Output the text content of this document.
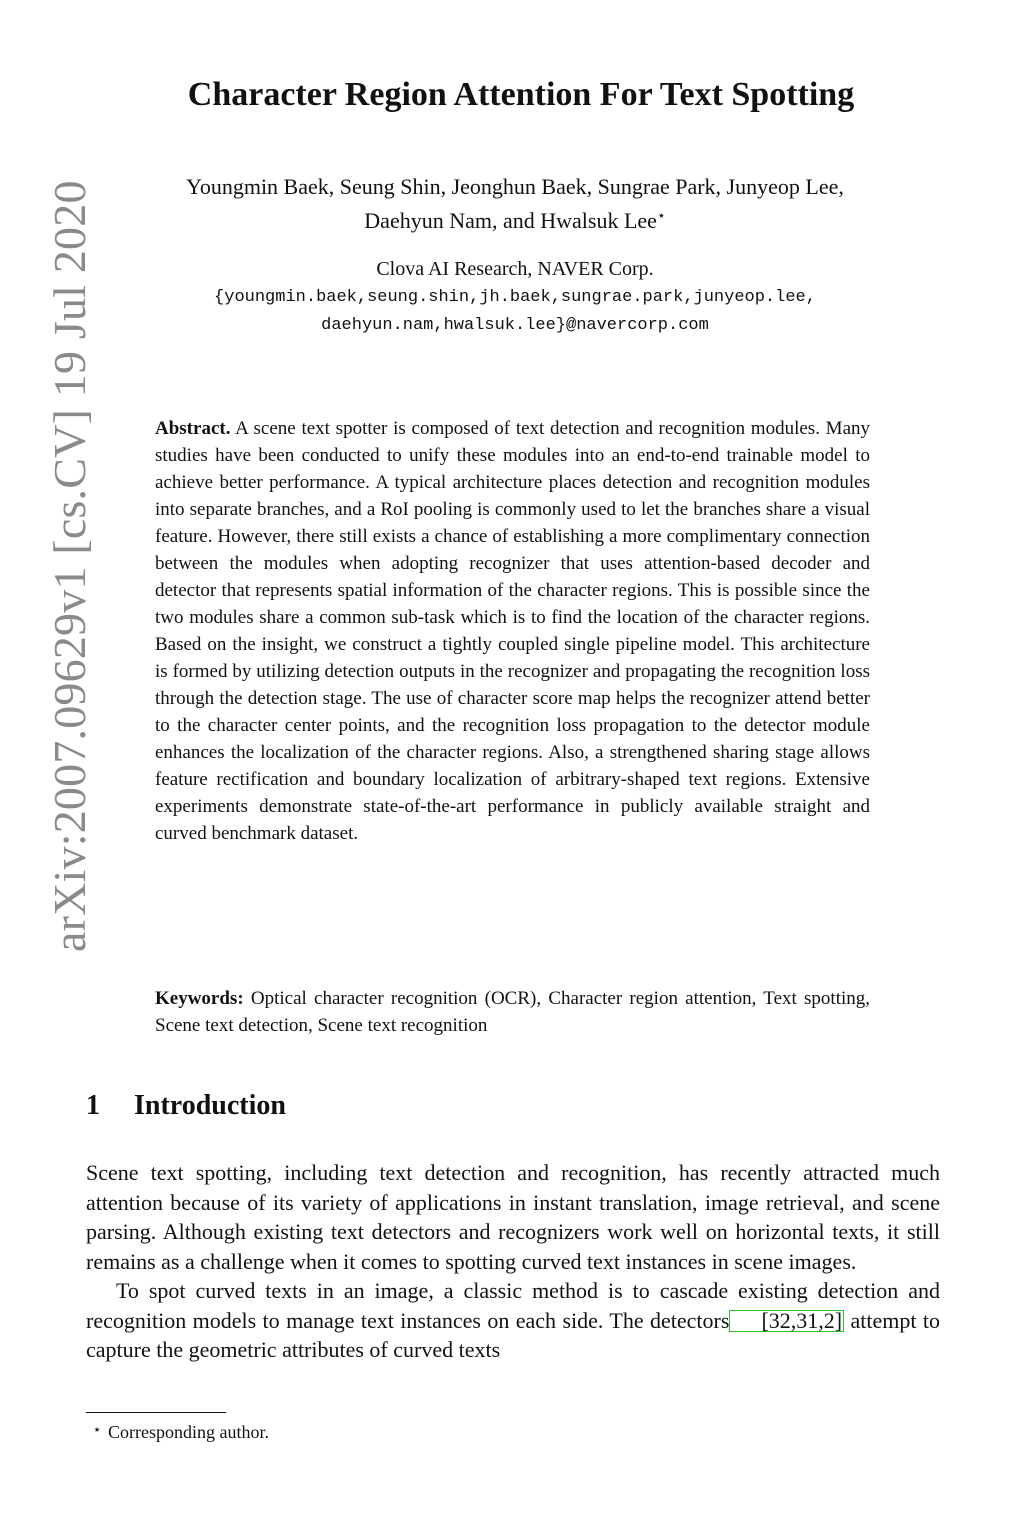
arXiv:2007.09629v1 [cs.CV] 19 Jul 2020
Character Region Attention For Text Spotting
Youngmin Baek, Seung Shin, Jeonghun Baek, Sungrae Park, Junyeop Lee,
Daehyun Nam, and Hwalsuk Lee⋆
Clova AI Research, NAVER Corp.
{youngmin.baek,seung.shin,jh.baek,sungrae.park,junyeop.lee,
daehyun.nam,hwalsuk.lee}@navercorp.com
Abstract. A scene text spotter is composed of text detection and recognition modules. Many studies have been conducted to unify these modules into an end-to-end trainable model to achieve better performance. A typical architecture places detection and recognition modules into separate branches, and a RoI pooling is commonly used to let the branches share a visual feature. However, there still exists a chance of establishing a more complimentary connection between the modules when adopting recognizer that uses attention-based decoder and detector that represents spatial information of the character regions. This is possible since the two modules share a common sub-task which is to find the location of the character regions. Based on the insight, we construct a tightly coupled single pipeline model. This architecture is formed by utilizing detection outputs in the recognizer and propagating the recognition loss through the detection stage. The use of character score map helps the recognizer attend better to the character center points, and the recognition loss propagation to the detector module enhances the localization of the character regions. Also, a strengthened sharing stage allows feature rectification and boundary localization of arbitrary-shaped text regions. Extensive experiments demonstrate state-of-the-art performance in publicly available straight and curved benchmark dataset.
Keywords: Optical character recognition (OCR), Character region attention, Text spotting, Scene text detection, Scene text recognition
1 Introduction

Scene text spotting, including text detection and recognition, has recently attracted much attention because of its variety of applications in instant translation, image retrieval, and scene parsing. Although existing text detectors and recognizers work well on horizontal texts, it still remains as a challenge when it comes to spotting curved text instances in scene images.

To spot curved texts in an image, a classic method is to cascade existing detection and recognition models to manage text instances on each side. The detectors [32,31,2] attempt to capture the geometric attributes of curved texts

⋆ Corresponding author.
